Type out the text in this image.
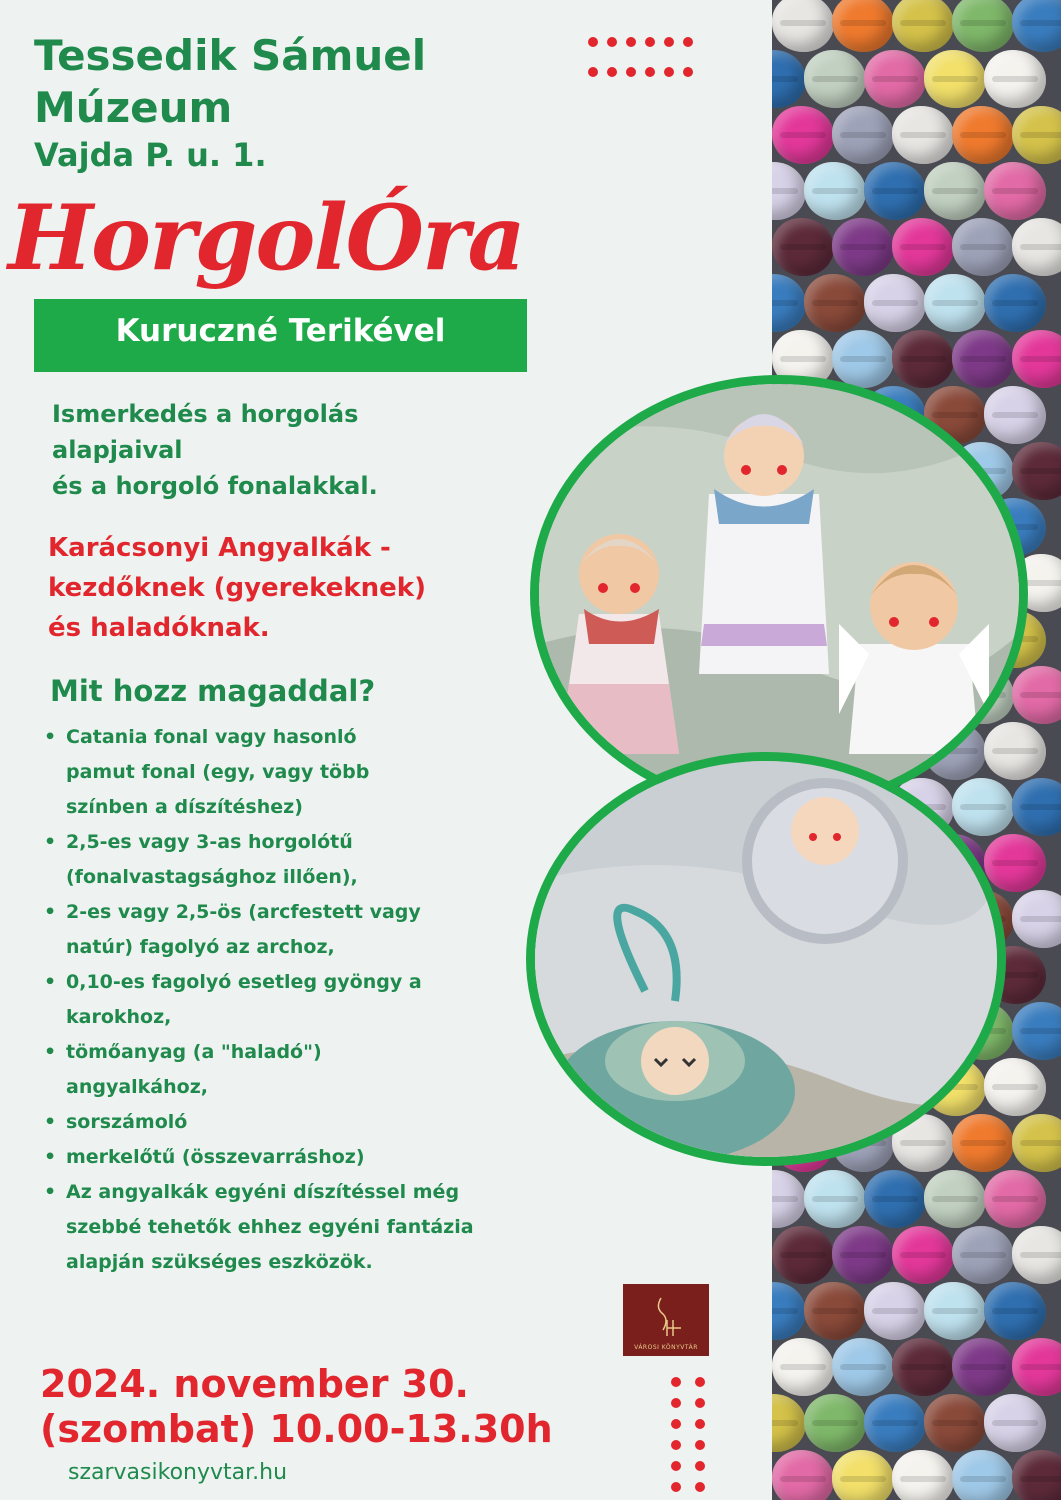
Tessedik Sámuel Múzeum
Vajda P. u. 1.
HorgolÓra
Kuruczné Terikével
Ismerkedés a horgolás
alapjaival
és a horgoló fonalakkal.
Karácsonyi Angyalkák -
kezdőknek (gyerekeknek)
és haladóknak.
Mit hozz magaddal?
• Catania fonal vagy hasonló pamut fonal (egy, vagy több színben a díszítéshez)
• 2,5-es vagy 3-as horgolótű (fonalvastagsághoz illően),
• 2-es vagy 2,5-ös (arcfestett vagy natúr) fagolyó az archoz,
• 0,10-es fagolyó esetleg gyöngy a karokhoz,
• tömőanyag (a "haladó") angyalkához,
• sorszámoló
• merkelőtű (összevarráshoz)
• Az angyalkák egyéni díszítéssel még szebbé tehetők ehhez egyéni fantázia alapján szükséges eszközök.
VÁROSI KÖNYVTÁR
2024. november 30.
(szombat) 10.00-13.30h
szarvasikonyvtar.hu
